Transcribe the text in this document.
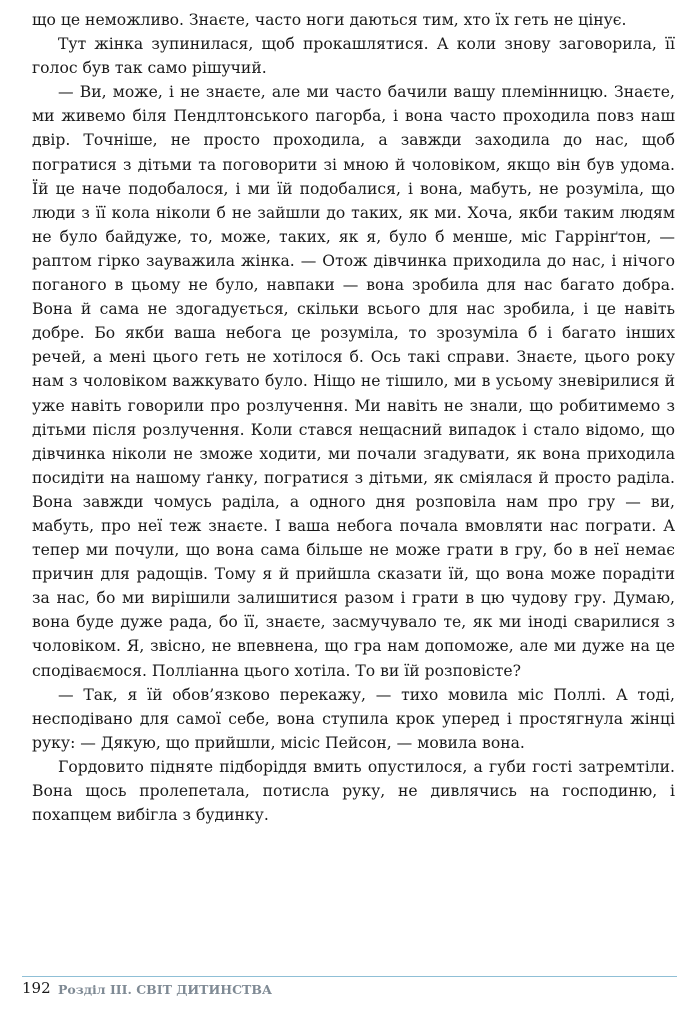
що це неможливо. Знаєте, часто ноги даються тим, хто їх геть не цінує.

Тут жінка зупинилася, щоб прокашлятися. А коли знову заговорила, її голос був так само рішучий.

— Ви, може, і не знаєте, але ми часто бачили вашу племінницю. Знаєте, ми живемо біля Пендлтонського пагорба, і вона часто проходила повз наш двір. Точніше, не просто проходила, а завжди заходила до нас, щоб погратися з дітьми та поговорити зі мною й чоловіком, якщо він був удома. Їй це наче подобалося, і ми їй подобалися, і вона, мабуть, не розуміла, що люди з її кола ніколи б не зайшли до таких, як ми. Хоча, якби таким людям не було байдуже, то, може, таких, як я, було б менше, міс Гаррінґтон, — раптом гірко зауважила жінка. — Отож дівчинка приходила до нас, і нічого поганого в цьому не було, навпаки — вона зробила для нас багато добра. Вона й сама не здогадується, скільки всього для нас зробила, і це навіть добре. Бо якби ваша небога це розуміла, то зрозуміла б і багато інших речей, а мені цього геть не хотілося б. Ось такі справи. Знаєте, цього року нам з чоловіком важкувато було. Ніщо не тішило, ми в усьому зневірилися й уже навіть говорили про розлучення. Ми навіть не знали, що робитимемо з дітьми після розлучення. Коли стався нещасний випадок і стало відомо, що дівчинка ніколи не зможе ходити, ми почали згадувати, як вона приходила посидіти на нашому ґанку, погратися з дітьми, як сміялася й просто раділа. Вона завжди чомусь раділа, а одного дня розповіла нам про гру — ви, мабуть, про неї теж знаєте. І ваша небога почала вмовляти нас пограти. А тепер ми почули, що вона сама більше не може грати в гру, бо в неї немає причин для радощів. Тому я й прийшла сказати їй, що вона може порадіти за нас, бо ми вирішили залишитися разом і грати в цю чудову гру. Думаю, вона буде дуже рада, бо її, знаєте, засмучувало те, як ми іноді сварилися з чоловіком. Я, звісно, не впевнена, що гра нам допоможе, але ми дуже на це сподіваємося. Поллiанна цього хотіла. То ви їй розповісте?

— Так, я їй обов’язково перекажу, — тихо мовила міс Поллі. А тоді, несподівано для самої себе, вона ступила крок уперед і простягнула жінці руку: — Дякую, що прийшли, місіс Пейсон, — мовила вона.

Гордовито підняте підборіддя вмить опустилося, а губи гості затремтіли. Вона щось пролепетала, потисла руку, не дивлячись на господиню, і похапцем вибігла з будинку.

192 Розділ III. СВІТ ДИТИНСТВА
